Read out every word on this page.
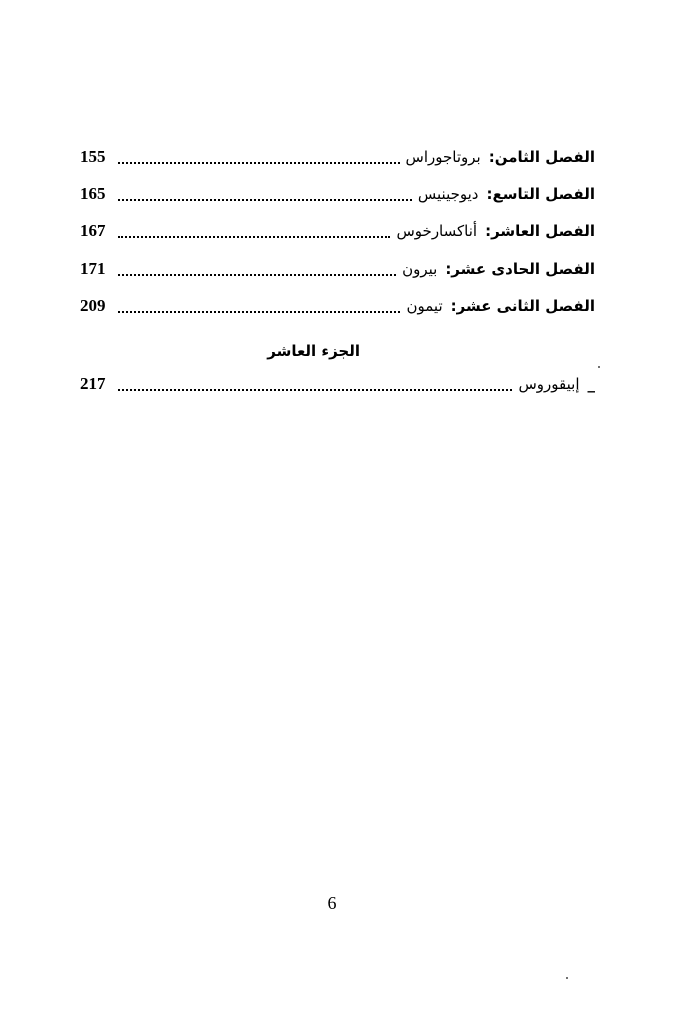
الفصل الثامن:
بروتاجوراس
155
الفصل التاسع:
ديوجينيس
165
الفصل العاشر:
أناكسارخوس
167
الفصل الحادى عشر:
بيرون
171
الفصل الثانى عشر:
تيمون
209
الجزء العاشر
_
إبيقوروس
217
6
